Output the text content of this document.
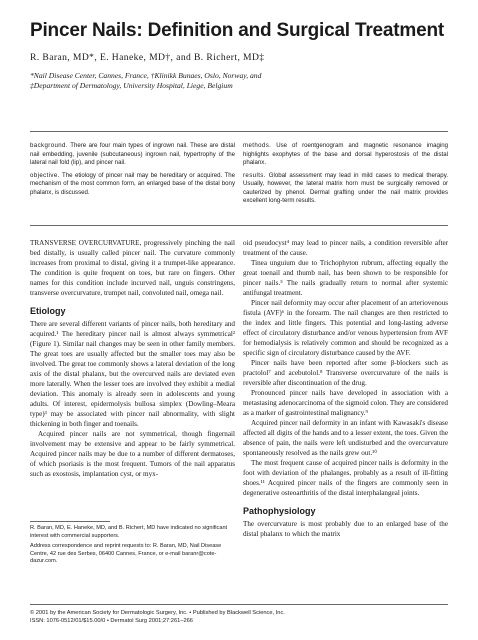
Pincer Nails: Definition and Surgical Treatment
R. Baran, MD*, E. Haneke, MD†, and B. Richert, MD‡
*Nail Disease Center, Cannes, France, †Klinikk Bunaes, Oslo, Norway, and
‡Department of Dermatology, University Hospital, Liege, Belgium

background. There are four main types of ingrown nail. These are distal nail embedding, juvenile (subcutaneous) ingrown nail, hypertrophy of the lateral nail fold (lip), and pincer nail.

objective. The etiology of pincer nail may be hereditary or acquired. The mechanism of the most common form, an enlarged base of the distal bony phalanx, is discussed.

methods. Use of roentgenogram and magnetic resonance imaging highlights exophytes of the base and dorsal hyperostosis of the distal phalanx.

results. Global assessment may lead in mild cases to medical therapy. Usually, however, the lateral matrix horn must be surgically removed or cauterized by phenol. Dermal grafting under the nail matrix provides excellent long-term results.

TRANSVERSE OVERCURVATURE, progressively pinching the nail bed distally, is usually called pincer nail. The curvature commonly increases from proximal to distal, giving it a trumpet-like appearance. The condition is quite frequent on toes, but rare on fingers. Other names for this condition include incurved nail, unguis constringens, transverse overcurvature, trumpet nail, convoluted nail, omega nail.

Etiology

There are several different variants of pincer nails, both hereditary and acquired.¹ The hereditary pincer nail is almost always symmetrical² (Figure 1). Similar nail changes may be seen in other family members. The great toes are usually affected but the smaller toes may also be involved. The great toe commonly shows a lateral deviation of the long axis of the distal phalanx, but the overcurved nails are deviated even more laterally. When the lesser toes are involved they exhibit a medial deviation. This anomaly is already seen in adolescents and young adults. Of interest, epidermolysis bullosa simplex (Dowling–Meara type)³ may be associated with pincer nail abnormality, with slight thickening in both finger and toenails.

Acquired pincer nails are not symmetrical, though fingernail involvement may be extensive and appear to be fairly symmetrical. Acquired pincer nails may be due to a number of different dermatoses, of which psoriasis is the most frequent. Tumors of the nail apparatus such as exostosis, implantation cyst, or myx-

R. Baran, MD, E. Haneke, MD, and B. Richert, MD have indicated no significant interest with commercial supporters.

Address correspondence and reprint requests to: R. Baran, MD, Nail Disease Centre, 42 rue des Serbes, 06400 Cannes, France, or e-mail baranr@cote-dazur.com.

oid pseudocyst⁴ may lead to pincer nails, a condition reversible after treatment of the cause.

Tinea unguium due to Trichophyton rubrum, affecting equally the great toenail and thumb nail, has been shown to be responsible for pincer nails.⁵ The nails gradually return to normal after systemic antifungal treatment.

Pincer nail deformity may occur after placement of an arteriovenous fistula (AVF)⁶ in the forearm. The nail changes are then restricted to the index and little fingers. This potential and long-lasting adverse effect of circulatory disturbance and/or venous hypertension from AVF for hemodialysis is relatively common and should be recognized as a specific sign of circulatory disturbance caused by the AVF.

Pincer nails have been reported after some β-blockers such as practolol⁷ and acebutolol.⁸ Transverse overcurvature of the nails is reversible after discontinuation of the drug.

Pronounced pincer nails have developed in association with a metastasing adenocarcinoma of the sigmoid colon. They are considered as a marker of gastrointestinal malignancy.⁹

Acquired pincer nail deformity in an infant with Kawasaki's disease affected all digits of the hands and to a lesser extent, the toes. Given the absence of pain, the nails were left undisturbed and the overcurvature spontaneously resolved as the nails grew out.¹⁰

The most frequent cause of acquired pincer nails is deformity in the foot with deviation of the phalanges, probably as a result of ill-fitting shoes.¹¹ Acquired pincer nails of the fingers are commonly seen in degenerative osteoarthritis of the distal interphalangeal joints.

Pathophysiology

The overcurvature is most probably due to an enlarged base of the distal phalanx to which the matrix

© 2001 by the American Society for Dermatologic Surgery, Inc. • Published by Blackwell Science, Inc.
ISSN: 1076-0512/01/$15.00/0 • Dermatol Surg 2001;27:261–266
